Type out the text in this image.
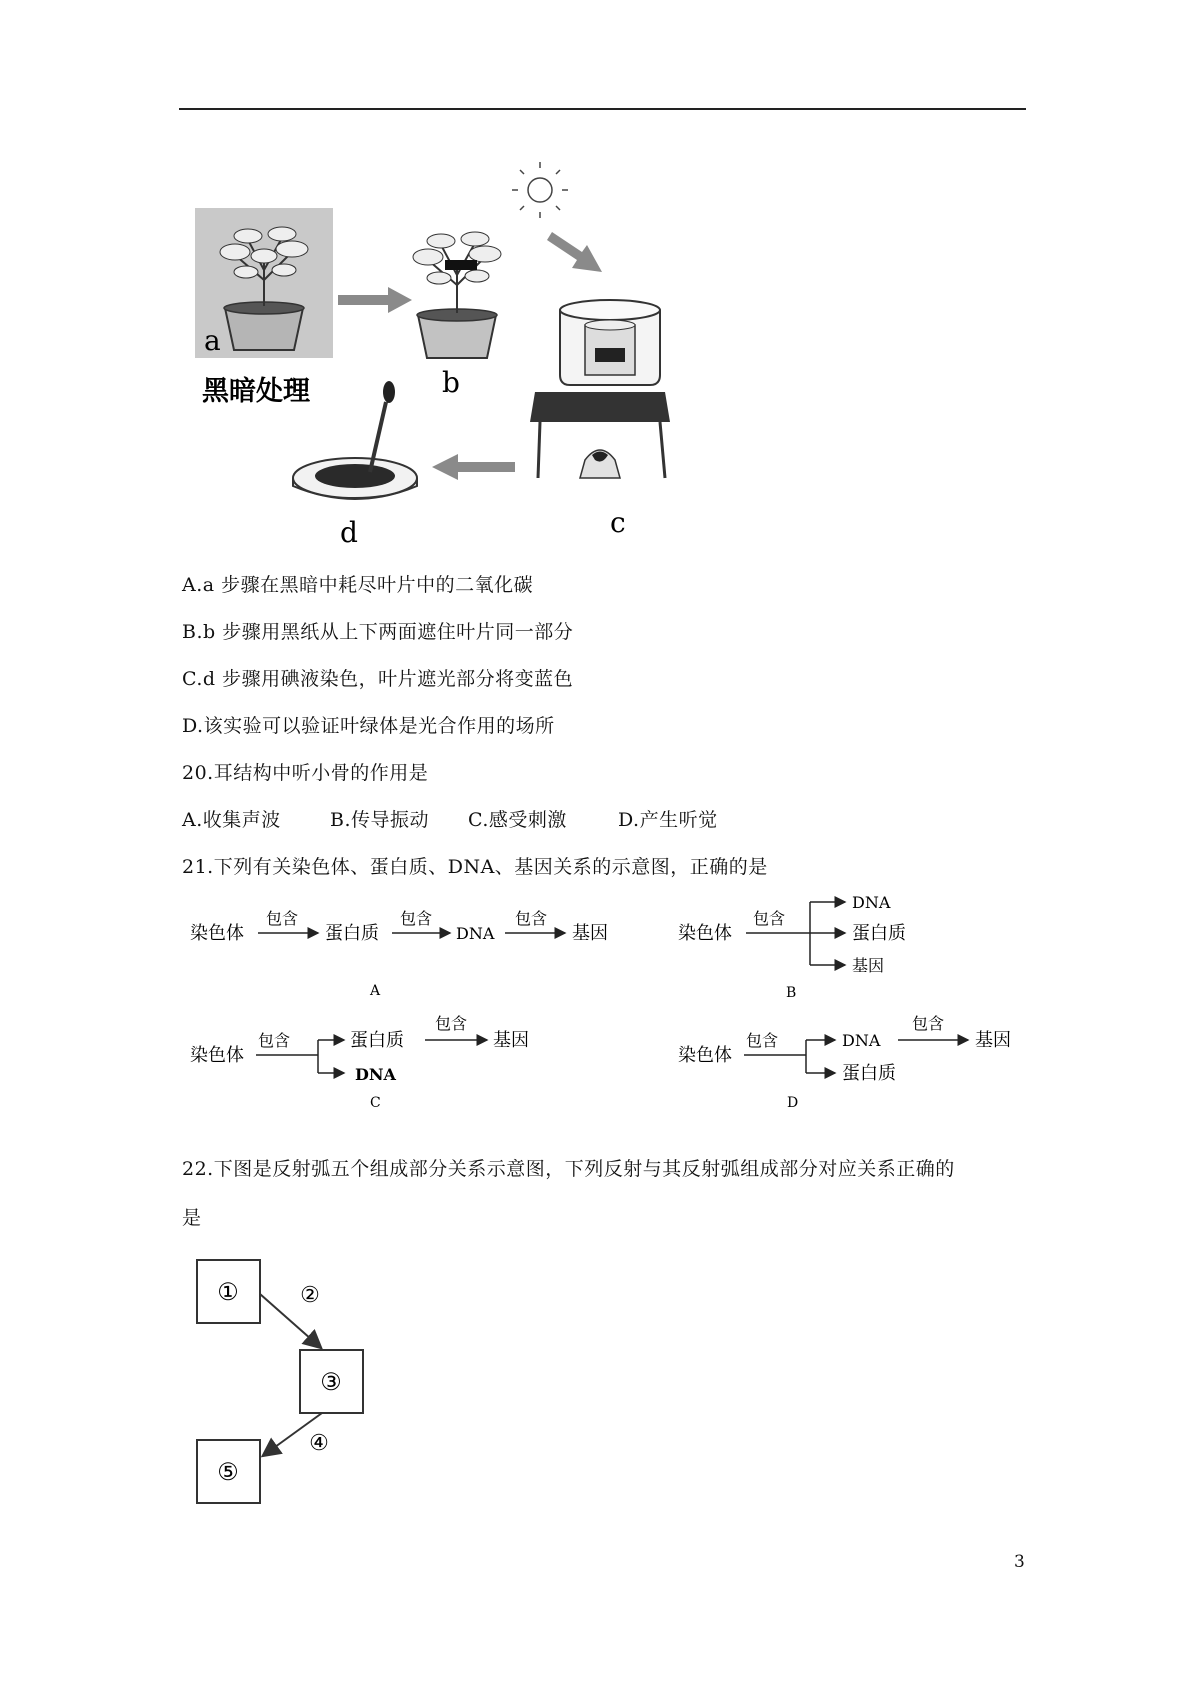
a
黑暗处理	b
c
d
A.a 步骤在黑暗中耗尽叶片中的二氧化碳
B.b 步骤用黑纸从上下两面遮住叶片同一部分
C.d 步骤用碘液染色，叶片遮光部分将变蓝色
D.该实验可以验证叶绿体是光合作用的场所
20.耳结构中听小骨的作用是
A.收集声波	B.传导振动 C.感受刺激	D.产生听觉
21.下列有关染色体、蛋白质、DNA、基因关系的示意图，正确的是
染色体
包含
蛋白质
包含
DNA
包含
基因
A
染色体
包含
DNA
蛋白质
基因
B
染色体
包含	蛋白质
DNA
包含
基因
C
染色体
包含	DNA
蛋白质
包含
基因
D
22.下图是反射弧五个组成部分关系示意图，下列反射与其反射弧组成部分对应关系正确的
是
①	②
③
④
⑤
3
